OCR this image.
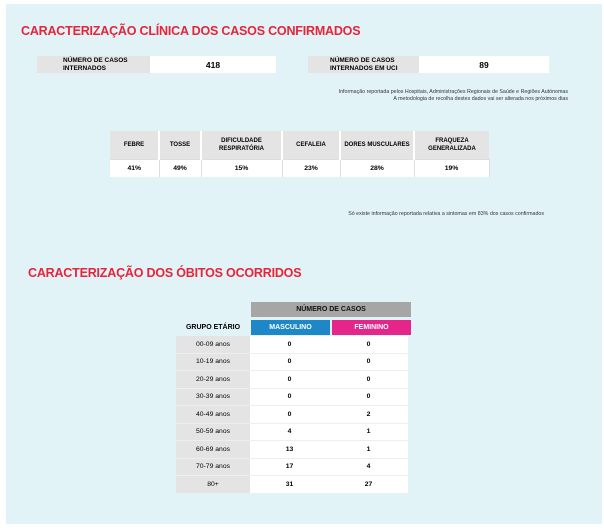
CARACTERIZAÇÃO CLÍNICA DOS CASOS CONFIRMADOS
NÚMERO DE CASOS INTERNADOS	418	NÚMERO DE CASOS INTERNADOS EM UCI	89
Informação reportada pelos Hospitais, Administrações Regionais de Saúde e Regiões Autónomas
A metodologia de recolha destes dados vai ser alterada nos próximos dias
FEBRE	TOSSE	DIFICULDADE RESPIRATÓRIA	CEFALEIA	DORES MUSCULARES	FRAQUEZA GENERALIZADA
41%	49%	15%	23%	28%	19%
Só existe informação reportada relativa a sintomas em 83% dos casos confirmados
CARACTERIZAÇÃO DOS ÓBITOS OCORRIDOS
NÚMERO DE CASOS
GRUPO ETÁRIO	MASCULINO	FEMININO
00-09 anos	0	0
10-19 anos	0	0
20-29 anos	0	0
30-39 anos	0	0
40-49 anos	0	2
50-59 anos	4	1
60-69 anos	13	1
70-79 anos	17	4
80+	31	27
